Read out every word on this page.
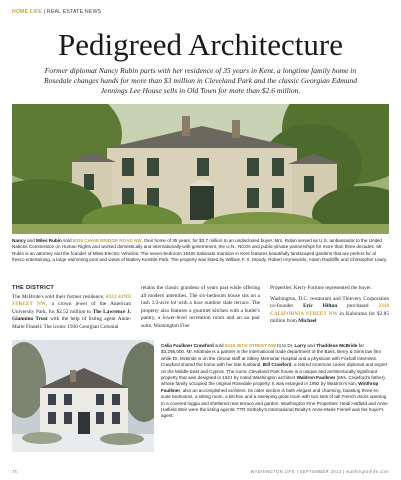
HOME LIFE | REAL ESTATE NEWS
Pedigreed Architecture
Former diplomat Nancy Rubin parts with her residence of 35 years in Kent, a longtime family home in Rosedale changes hands for more than $3 million in Cleveland Park and the classic Georgian Edmund Jennings Lee House sells in Old Town for more than $2.6 million.
Nancy and Miles Rubin sold 5025 CHAIN BRIDGE ROAD NW, their home of 35 years, for $3.7 million to an undisclosed buyer. Mrs. Rubin served as U.S. ambassador to the United Nations Commission on Human Rights and worked domestically and internationally with government, the U.N., NGOs and public-private partnerships for more than three decades. Mr. Rubin is an attorney and the founder of Miles Electric Vehicles. The seven-bedroom 1940s Italianate mansion in Kent features beautifully landscaped gardens that are perfect for al fresco entertaining, a large swimming pool and views of Battery Kemble Park. The property was listed by William F. X. Moody, Robert Hryniewicki, Adam Rackliffe and Christopher Leary.
THE DISTRICT

The McBride's sold their former residence, 4322 42ND STREET NW, a crown jewel of the American University Park, for $2.52 million to The Lawrence J. Giannino Trust with the help of listing agent Anne-Marie Finnell. The iconic 1930 Georgian Colonial

retains the classic grandeur of years past while offering all modern amenities. The six-bedroom house sits on a lush 1/3-acre lot with a luxe outdoor slate terrace. The property also features a gourmet kitchen with a butler's pantry, a lower-level recreation room and an au pair suite. Washington Fine

Properties' Kerry Fortune represented the buyer.

Washington, D.C. restaurant and Thievery Corporation co-founder Eric Hilton purchased 2318 CALIFORNIA STREET NW in Kalorama for $2.85 million from Michael

Celia Faulkner Crawford sold 3419 36TH STREET NW to to Dr. Larry and Thaddeus McBride for $3,295,000. Mr. McBride is a partner in the international trade department of the Bass, Berry & Sims law firm while Dr. McBride is on the clinical staff at Sibley Memorial Hospital and a physician with Foxhall Internists. Crawford shared the home with her late husband, Bill Crawford, a retired American career diplomat and expert on the Middle East and Cyprus. The iconic Cleveland Park house is a unique and architecturally significant property that was designed in 1921 by noted Washington architect Waldron Faulkner (Mrs. Crawford's father), whose family occupied the original Rosedale property. It was enlarged in 1992 by Waldron's son, Winthrop Faulkner, also an accomplished architect. Its older section is both elegant and charming, boasting three en suite bedrooms, a sitting room, a kitchen and a sweeping great room with two sets of tall French doors opening to a covered loggia and sheltered rear terrace and garden. Washington Fine Properties' Heidi Hatfield and Anne Hatfield Weir were the listing agents; TTR Sotheby's International Realty's Anne-Marie Finnell was the buyer's agent.
74	WASHINGTON LIFE | SEPTEMBER 2013 | washingtonlife.com
